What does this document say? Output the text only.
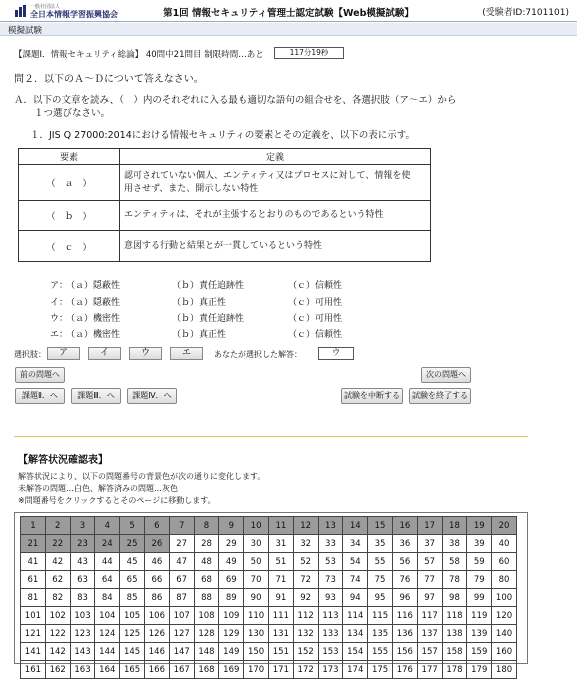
一般社団法人
全日本情報学習振興協会	第1回 情報セキュリティ管理士認定試験【Web模擬試験】	(受験者ID:7101101)
模擬試験
【課題Ⅰ．情報セキュリティ総論】 40問中21問目 制限時間…あと	117分19秒
問２．以下のＡ～Ｄについて答えなさい。
Ａ．以下の文章を読み、（　）内のそれぞれに入る最も適切な語句の組合せを、各選択肢（ア～エ）から
１つ選びなさい。
１．JIS Q 27000:2014における情報セキュリティの要素とその定義を、以下の表に示す。
要素	定義
（　ａ　）	認可されていない個人、エンティティ又はプロセスに対して、情報を使
用させず、また、開示しない特性

（　ｂ　）	エンティティは、それが主張するとおりのものであるという特性
（　ｃ　）	意図する行動と結果とが一貫しているという特性
ア：
（ａ）隠蔽性	（ｂ）責任追跡性	（ｃ）信頼性
イ：
（ａ）隠蔽性	（ｂ）真正性	（ｃ）可用性
ウ：
（ａ）機密性	（ｂ）責任追跡性	（ｃ）可用性
エ：
（ａ）機密性	（ｂ）真正性	（ｃ）信頼性
選択肢：	ア	イ	ウ	エ	あなたが選択した解答：	ウ
前の問題へ	次の問題へ
課題Ⅱ．へ	課題Ⅲ．へ	課題Ⅳ．へ	試験を中断する	試験を終了する
【解答状況確認表】
解答状況により、以下の問題番号の背景色が次の通りに変化します。
未解答の問題…白色、解答済みの問題…灰色
※問題番号をクリックするとそのページに移動します。
1	2	3	4	5	6	7	8	9	10	11	12	13	14	15	16	17	18	19	20
21	22	23	24	25	26	27	28	29	30	31	32	33	34	35	36	37	38	39	40
41	42	43	44	45	46	47	48	49	50	51	52	53	54	55	56	57	58	59	60
61	62	63	64	65	66	67	68	69	70	71	72	73	74	75	76	77	78	79	80
81	82	83	84	85	86	87	88	89	90	91	92	93	94	95	96	97	98	99	100
101	102	103	104	105	106	107	108	109	110	111	112	113	114	115	116	117	118	119	120
121	122	123	124	125	126	127	128	129	130	131	132	133	134	135	136	137	138	139	140
141	142	143	144	145	146	147	148	149	150	151	152	153	154	155	156	157	158	159	160
161	162	163	164	165	166	167	168	169	170	171	172	173	174	175	176	177	178	179	180
